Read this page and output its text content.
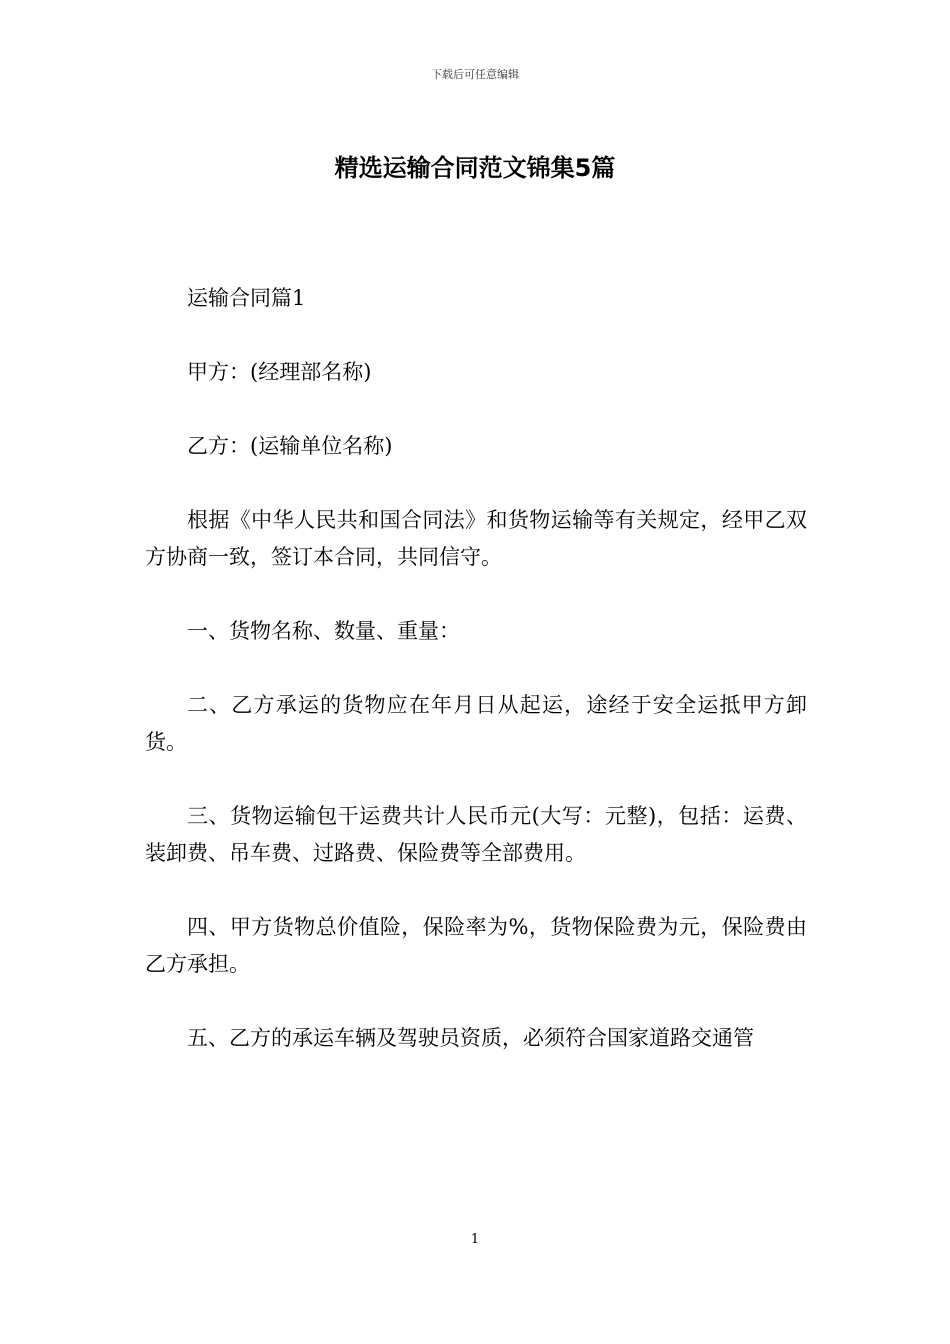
下载后可任意编辑
精选运输合同范文锦集5篇

运输合同篇1

甲方：(经理部名称)

乙方：(运输单位名称)

根据《中华人民共和国合同法》和货物运输等有关规定，经甲乙双方协商一致，签订本合同，共同信守。

一、货物名称、数量、重量：

二、乙方承运的货物应在年月日从起运，途经于安全运抵甲方卸货。

三、货物运输包干运费共计人民币元(大写：元整)，包括：运费、装卸费、吊车费、过路费、保险费等全部费用。

四、甲方货物总价值险，保险率为%，货物保险费为元，保险费由乙方承担。

五、乙方的承运车辆及驾驶员资质，必须符合国家道路交通管

1
